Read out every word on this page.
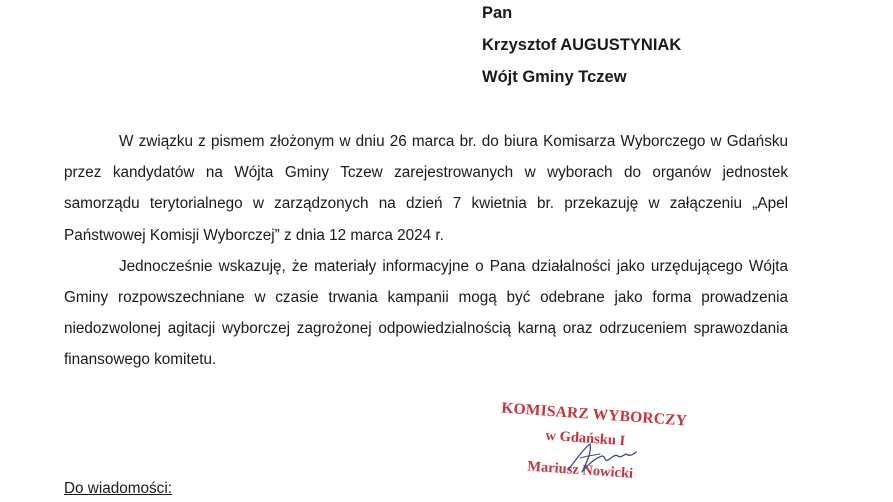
Pan
Krzysztof AUGUSTYNIAK
Wójt Gminy Tczew

W związku z pismem złożonym w dniu 26 marca br. do biura Komisarza Wyborczego w Gdańsku przez kandydatów na Wójta Gminy Tczew zarejestrowanych w wyborach do organów jednostek samorządu terytorialnego w zarządzonych na dzień 7 kwietnia br. przekazuję w załączeniu „Apel Państwowej Komisji Wyborczej” z dnia 12 marca 2024 r.

Jednocześnie wskazuję, że materiały informacyjne o Pana działalności jako urzędującego Wójta Gminy rozpowszechniane w czasie trwania kampanii mogą być odebrane jako forma prowadzenia niedozwolonej agitacji wyborczej zagrożonej odpowiedzialnością karną oraz odrzuceniem sprawozdania finansowego komitetu.

KOMISARZ WYBORCZY
w Gdańsku I
Mariusz Nowicki
Do wiadomości:
